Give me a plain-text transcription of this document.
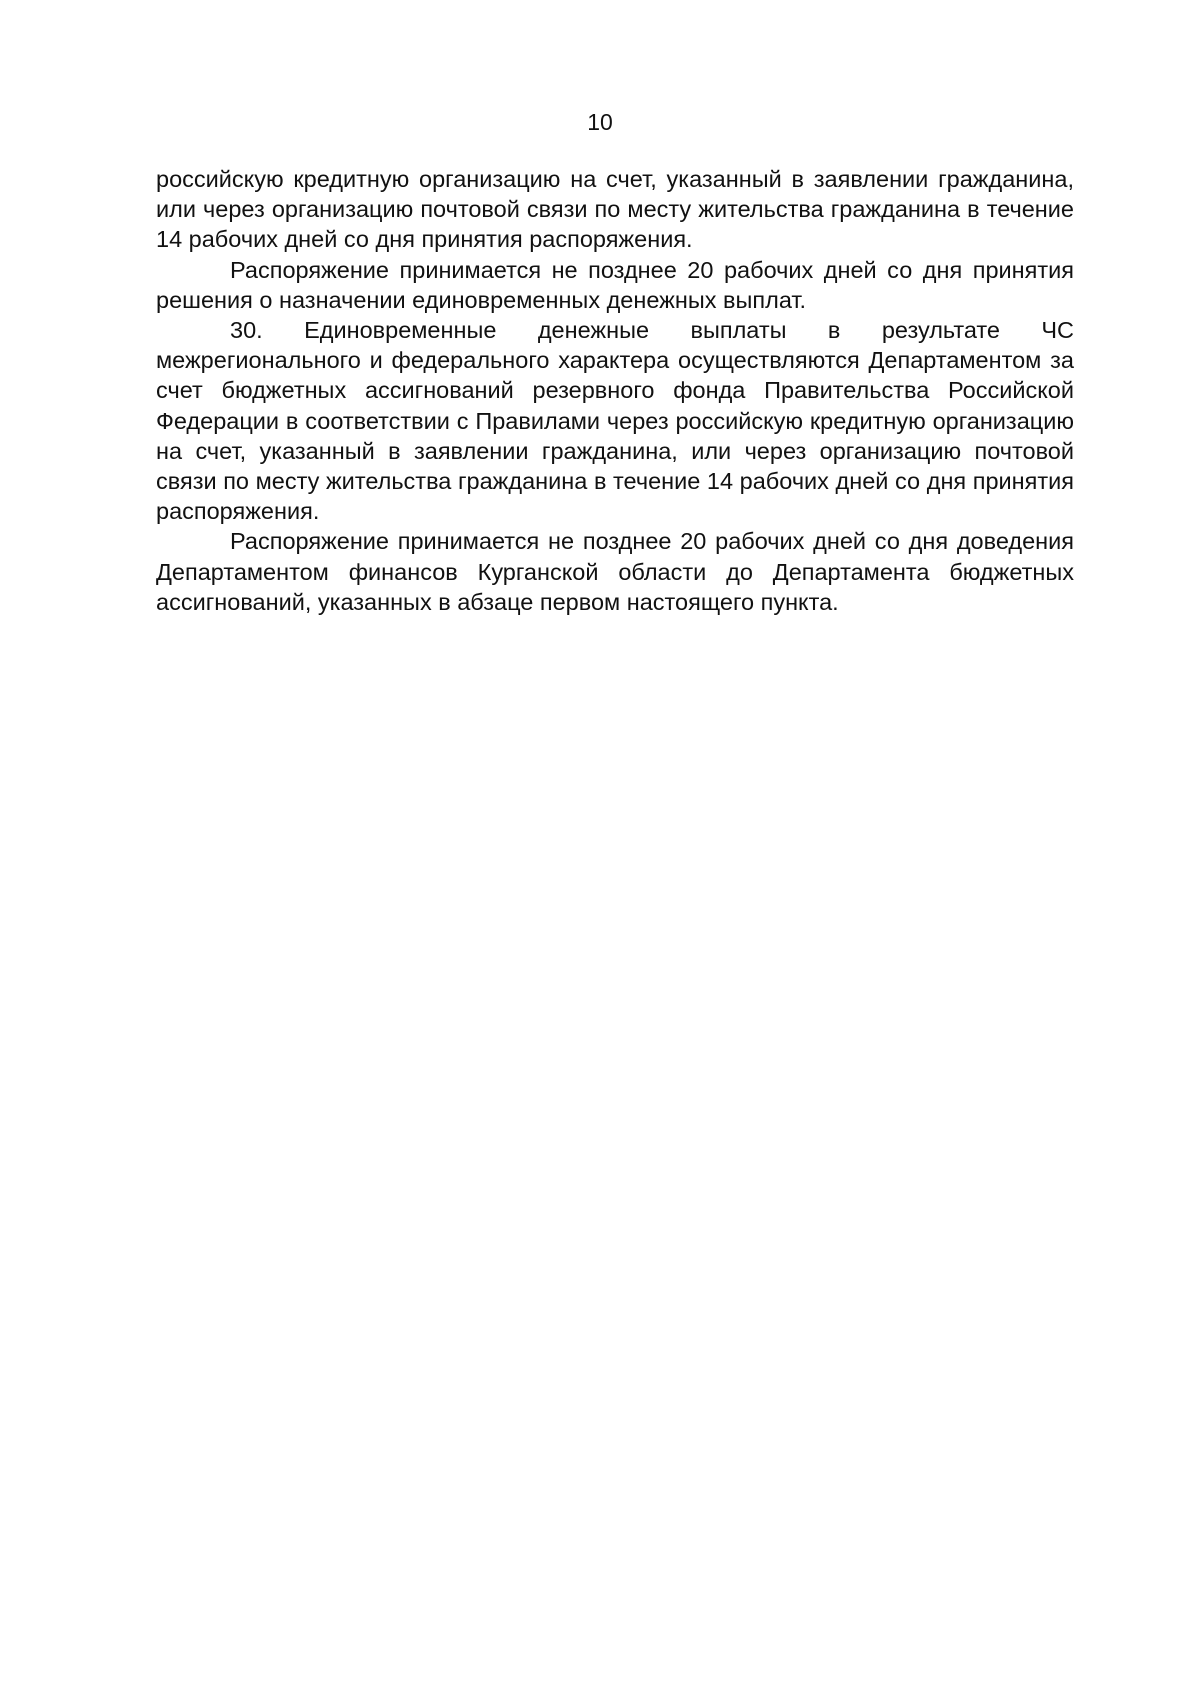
10

российскую кредитную организацию на счет, указанный в заявлении гражданина, или через организацию почтовой связи по месту жительства гражданина в течение 14 рабочих дней со дня принятия распоряжения.

Распоряжение принимается не позднее 20 рабочих дней со дня принятия решения о назначении единовременных денежных выплат.

30. Единовременные денежные выплаты в результате ЧС межрегионального и федерального характера осуществляются Департаментом за счет бюджетных ассигнований резервного фонда Правительства Российской Федерации в соответствии с Правилами через российскую кредитную организацию на счет, указанный в заявлении гражданина, или через организацию почтовой связи по месту жительства гражданина в течение 14 рабочих дней со дня принятия распоряжения.

Распоряжение принимается не позднее 20 рабочих дней со дня доведения Департаментом финансов Курганской области до Департамента бюджетных ассигнований, указанных в абзаце первом настоящего пункта.
